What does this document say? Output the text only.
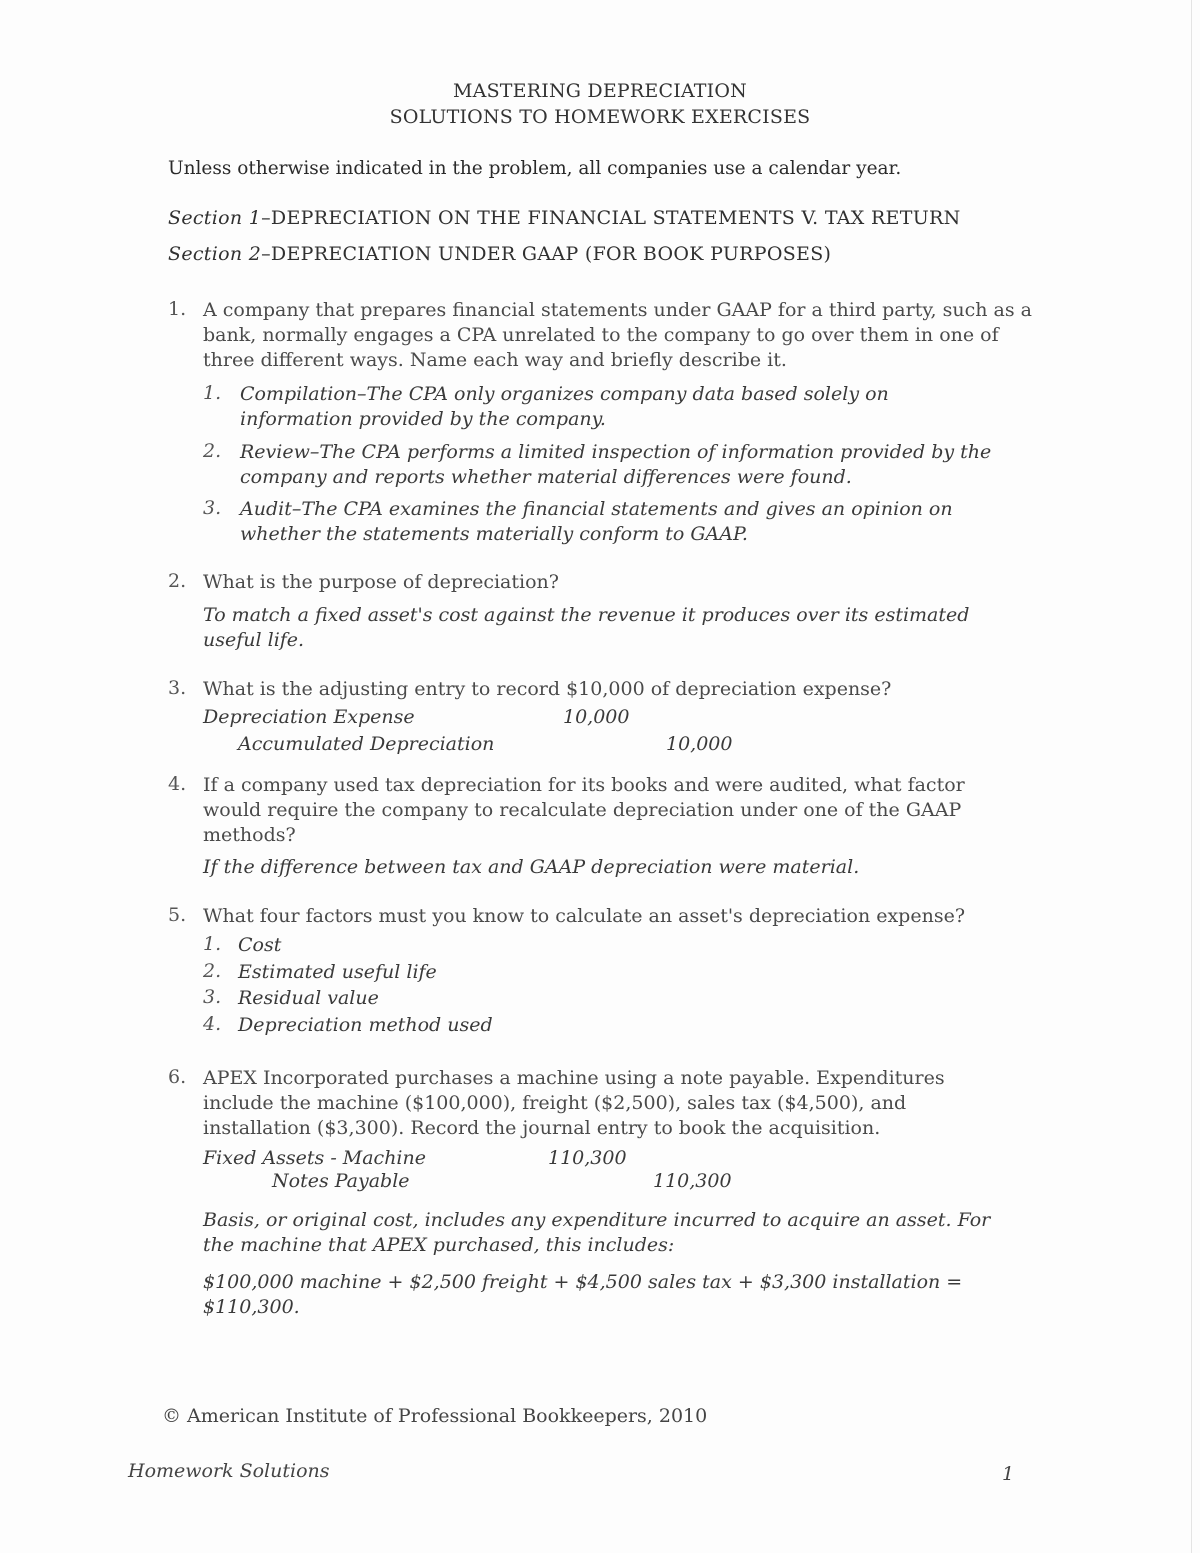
MASTERING DEPRECIATION
SOLUTIONS TO HOMEWORK EXERCISES
Unless otherwise indicated in the problem, all companies use a calendar year.
Section 1–DEPRECIATION ON THE FINANCIAL STATEMENTS V. TAX RETURN
Section 2–DEPRECIATION UNDER GAAP (FOR BOOK PURPOSES)
1. A company that prepares financial statements under GAAP for a third party, such as a bank, normally engages a CPA unrelated to the company to go over them in one of three different ways. Name each way and briefly describe it.
1. Compilation–The CPA only organizes company data based solely on information provided by the company.
2. Review–The CPA performs a limited inspection of information provided by the company and reports whether material differences were found.
3. Audit–The CPA examines the financial statements and gives an opinion on whether the statements materially conform to GAAP.
2. What is the purpose of depreciation?
To match a fixed asset's cost against the revenue it produces over its estimated useful life.
3. What is the adjusting entry to record $10,000 of depreciation expense?
Depreciation Expense	10,000
Accumulated Depreciation	10,000
4. If a company used tax depreciation for its books and were audited, what factor would require the company to recalculate depreciation under one of the GAAP methods?
If the difference between tax and GAAP depreciation were material.
5. What four factors must you know to calculate an asset's depreciation expense?
1. Cost
2. Estimated useful life
3. Residual value
4. Depreciation method used
6. APEX Incorporated purchases a machine using a note payable. Expenditures include the machine ($100,000), freight ($2,500), sales tax ($4,500), and installation ($3,300). Record the journal entry to book the acquisition.
Fixed Assets - Machine	110,300
Notes Payable	110,300
Basis, or original cost, includes any expenditure incurred to acquire an asset. For the machine that APEX purchased, this includes:
$100,000 machine + $2,500 freight + $4,500 sales tax + $3,300 installation = $110,300.
© American Institute of Professional Bookkeepers, 2010
Homework Solutions	1
